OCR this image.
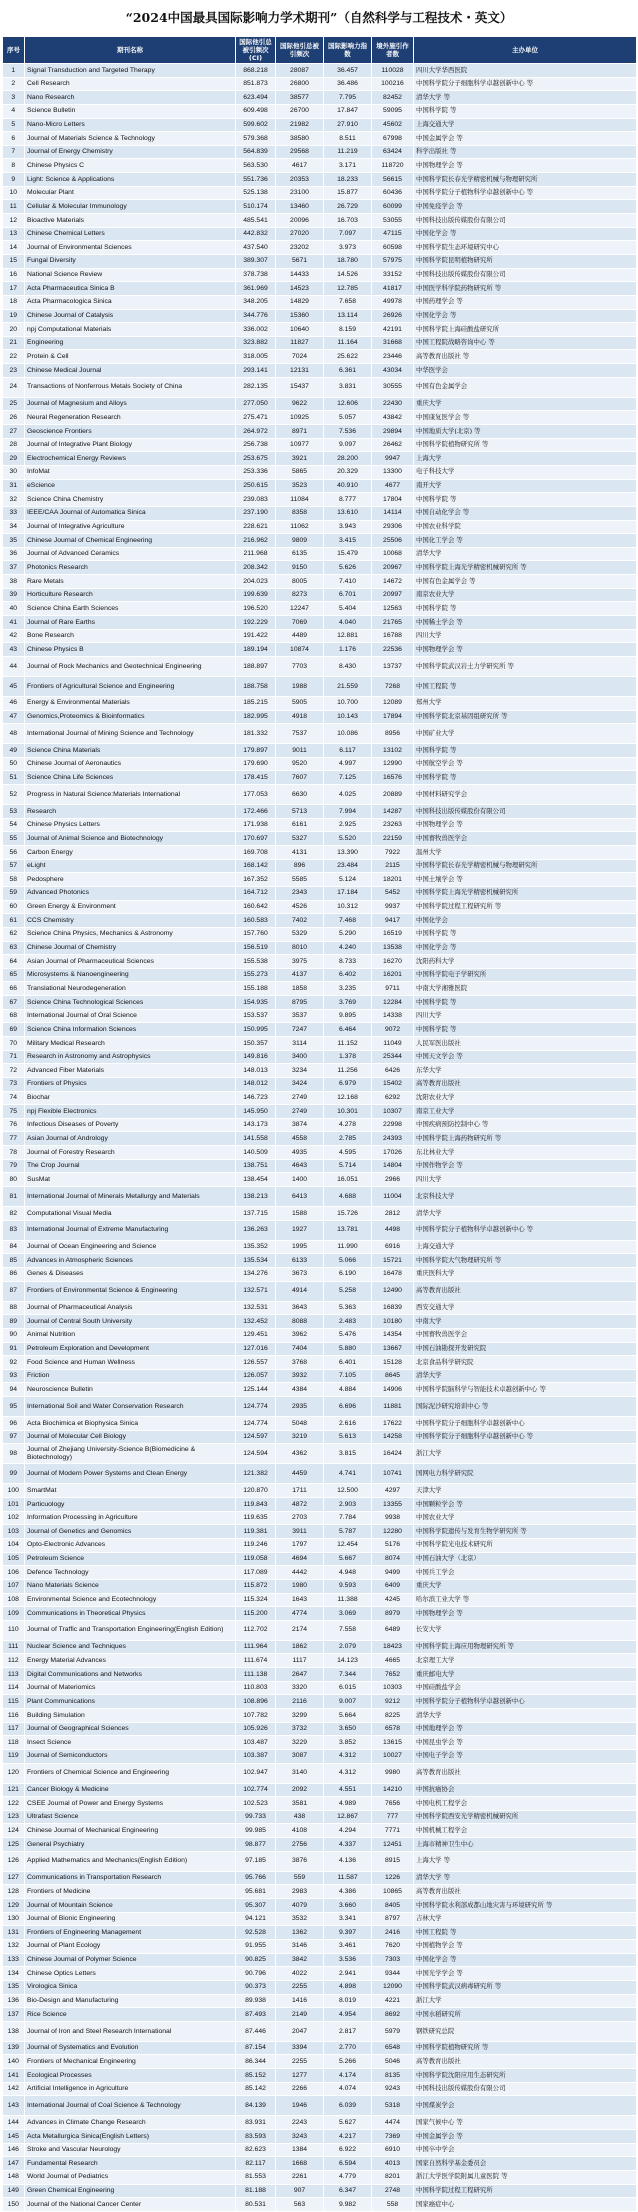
“2024中国最具国际影响力学术期刊”（自然科学与工程技术・英文）
序号	期刊名称	国际他引总被引频次(CI)	国际他引总被引频次	国际影响力指数	境外施引作者数	主办单位
1	Signal Transduction and Targeted Therapy	868.218	28087	36.457	110028	四川大学华西医院
2	Cell Research	851.873	26800	36.486	100216	中国科学院分子细胞科学卓越创新中心 等
3	Nano Research	623.494	38577	7.795	82452	清华大学 等
4	Science Bulletin	609.498	26700	17.847	59095	中国科学院 等
5	Nano-Micro Letters	599.602	21982	27.910	45602	上海交通大学
6	Journal of Materials Science & Technology	579.368	38580	8.511	67998	中国金属学会 等
7	Journal of Energy Chemistry	564.839	29568	11.219	63424	科学出版社 等
8	Chinese Physics C	563.530	4617	3.171	118720	中国物理学会 等
9	Light: Science & Applications	551.736	20353	18.233	56615	中国科学院长春光学精密机械与物理研究所
10	Molecular Plant	525.138	23100	15.877	60436	中国科学院分子植物科学卓越创新中心 等
11	Cellular & Molecular Immunology	510.174	13460	26.729	60099	中国免疫学会 等
12	Bioactive Materials	485.541	20096	16.703	53055	中国科技出版传媒股份有限公司
13	Chinese Chemical Letters	442.832	27020	7.097	47115	中国化学会 等
14	Journal of Environmental Sciences	437.540	23202	3.973	60598	中国科学院生态环境研究中心
15	Fungal Diversity	389.307	5671	18.780	57975	中国科学院昆明植物研究所
16	National Science Review	378.738	14433	14.526	33152	中国科技出版传媒股份有限公司
17	Acta Pharmaceutica Sinica B	361.969	14523	12.785	41817	中国医学科学院药物研究所 等
18	Acta Pharmacologica Sinica	348.205	14829	7.658	49978	中国药理学会 等
19	Chinese Journal of Catalysis	344.776	15360	13.114	26926	中国化学会 等
20	npj Computational Materials	336.002	10640	8.159	42191	中国科学院上海硅酸盐研究所
21	Engineering	323.882	11827	11.164	31668	中国工程院战略咨询中心 等
22	Protein & Cell	318.005	7024	25.622	23446	高等教育出版社 等
23	Chinese Medical Journal	293.141	12131	6.361	43034	中华医学会
24	Transactions of Nonferrous Metals Society of China	282.135	15437	3.831	30555	中国有色金属学会
25	Journal of Magnesium and Alloys	277.050	9622	12.606	22430	重庆大学
26	Neural Regeneration Research	275.471	10925	5.057	43842	中国康复医学会 等
27	Geoscience Frontiers	264.972	8971	7.536	29894	中国地质大学(北京) 等
28	Journal of Integrative Plant Biology	256.738	10977	9.097	26462	中国科学院植物研究所 等
29	Electrochemical Energy Reviews	253.675	3921	28.200	9947	上海大学
30	InfoMat	253.336	5865	20.329	13300	电子科技大学
31	eScience	250.615	3523	40.910	4677	南开大学
32	Science China Chemistry	239.083	11084	8.777	17804	中国科学院 等
33	IEEE/CAA Journal of Automatica Sinica	237.190	8358	13.610	14114	中国自动化学会 等
34	Journal of Integrative Agriculture	228.621	11062	3.943	29306	中国农业科学院
35	Chinese Journal of Chemical Engineering	216.962	9809	3.415	25506	中国化工学会 等
36	Journal of Advanced Ceramics	211.968	6135	15.479	10068	清华大学
37	Photonics Research	208.342	9150	5.626	20967	中国科学院上海光学精密机械研究所 等
38	Rare Metals	204.023	8005	7.410	14672	中国有色金属学会 等
39	Horticulture Research	199.639	8273	6.701	20997	南京农业大学
40	Science China Earth Sciences	196.520	12247	5.404	12563	中国科学院 等
41	Journal of Rare Earths	192.229	7069	4.040	21765	中国稀土学会 等
42	Bone Research	191.422	4489	12.881	16788	四川大学
43	Chinese Physics B	189.194	10874	1.176	22536	中国物理学会 等
44	Journal of Rock Mechanics and Geotechnical Engineering	188.897	7703	8.430	13737	中国科学院武汉岩土力学研究所 等
45	Frontiers of Agricultural Science and Engineering	188.758	1988	21.559	7268	中国工程院 等
46	Energy & Environmental Materials	185.215	5905	10.700	12089	郑州大学
47	Genomics,Proteomics & Bioinformatics	182.995	4918	10.143	17894	中国科学院北京基因组研究所 等
48	International Journal of Mining Science and Technology	181.332	7537	10.086	8956	中国矿业大学
49	Science China Materials	179.897	9011	6.117	13102	中国科学院 等
50	Chinese Journal of Aeronautics	179.690	9520	4.997	12990	中国航空学会 等
51	Science China Life Sciences	178.415	7607	7.125	16576	中国科学院 等
52	Progress in Natural Science:Materials International	177.053	6630	4.025	20889	中国材料研究学会
53	Research	172.466	5713	7.994	14287	中国科技出版传媒股份有限公司
54	Chinese Physics Letters	171.938	6161	2.925	23263	中国物理学会 等
55	Journal of Animal Science and Biotechnology	170.697	5327	5.520	22159	中国畜牧兽医学会
56	Carbon Energy	169.708	4131	13.390	7922	温州大学
57	eLight	168.142	896	23.484	2115	中国科学院长春光学精密机械与物理研究所
58	Pedosphere	167.352	5585	5.124	18201	中国土壤学会 等
59	Advanced Photonics	164.712	2343	17.184	5452	中国科学院上海光学精密机械研究所
60	Green Energy & Environment	160.642	4526	10.312	9937	中国科学院过程工程研究所 等
61	CCS Chemistry	160.583	7402	7.468	9417	中国化学会
62	Science China Physics, Mechanics & Astronomy	157.760	5329	5.290	16519	中国科学院 等
63	Chinese Journal of Chemistry	156.519	8010	4.240	13538	中国化学会 等
64	Asian Journal of Pharmaceutical Sciences	155.538	3975	8.733	16270	沈阳药科大学
65	Microsystems & Nanoengineering	155.273	4137	6.402	16201	中国科学院电子学研究所
66	Translational Neurodegeneration	155.188	1858	3.235	9711	中南大学湘雅医院
67	Science China Technological Sciences	154.935	8795	3.769	12284	中国科学院 等
68	International Journal of Oral Science	153.537	3537	9.895	14338	四川大学
69	Science China Information Sciences	150.995	7247	6.464	9072	中国科学院 等
70	Military Medical Research	150.357	3114	11.152	11049	人民军医出版社
71	Research in Astronomy and Astrophysics	149.816	3400	1.378	25344	中国天文学会 等
72	Advanced Fiber Materials	148.013	3234	11.256	6426	东华大学
73	Frontiers of Physics	148.012	3424	6.979	15402	高等教育出版社
74	Biochar	146.723	2749	12.168	6292	沈阳农业大学
75	npj Flexible Electronics	145.950	2749	10.301	10307	南京工业大学
76	Infectious Diseases of Poverty	143.173	3874	4.278	22998	中国疾病预防控制中心 等
77	Asian Journal of Andrology	141.558	4558	2.785	24393	中国科学院上海药物研究所 等
78	Journal of Forestry Research	140.509	4935	4.595	17026	东北林业大学
79	The Crop Journal	138.751	4643	5.714	14804	中国作物学会 等
80	SusMat	138.454	1400	16.051	2966	四川大学
81	International Journal of Minerals Metallurgy and Materials	138.213	6413	4.688	11004	北京科技大学
82	Computational Visual Media	137.715	1588	15.726	2812	清华大学
83	International Journal of Extreme Manufacturing	136.263	1927	13.781	4498	中国科学院分子植物科学卓越创新中心 等
84	Journal of Ocean Engineering and Science	135.352	1995	11.990	6916	上海交通大学
85	Advances in Atmospheric Sciences	135.534	6133	5.066	15721	中国科学院大气物理研究所 等
86	Genes & Diseases	134.276	3673	6.190	16478	重庆医科大学
87	Frontiers of Environmental Science & Engineering	132.571	4914	5.258	12490	高等教育出版社
88	Journal of Pharmaceutical Analysis	132.531	3643	5.363	16839	西安交通大学
89	Journal of Central South University	132.452	8088	2.483	10180	中南大学
90	Animal Nutrition	129.451	3962	5.476	14354	中国畜牧兽医学会
91	Petroleum Exploration and Development	127.016	7404	5.880	13667	中国石油勘探开发研究院
92	Food Science and Human Wellness	126.557	3768	6.401	15128	北京食品科学研究院
93	Friction	126.057	3932	7.105	8645	清华大学
94	Neuroscience Bulletin	125.144	4384	4.884	14906	中国科学院脑科学与智能技术卓越创新中心 等
95	International Soil and Water Conservation Research	124.774	2935	6.696	11881	国际泥沙研究培训中心 等
96	Acta Biochimica et Biophysica Sinica	124.774	5048	2.616	17622	中国科学院分子细胞科学卓越创新中心
97	Journal of Molecular Cell Biology	124.597	3219	5.613	14258	中国科学院分子细胞科学卓越创新中心 等
98	Journal of Zhejiang University-Science B(Biomedicine & Biotechnology)	124.594	4362	3.815	16424	浙江大学
99	Journal of Modern Power Systems and Clean Energy	121.382	4459	4.741	10741	国网电力科学研究院
100	SmartMat	120.870	1711	12.500	4297	天津大学
101	Particuology	119.843	4872	2.903	13355	中国颗粒学会 等
102	Information Processing in Agriculture	119.635	2703	7.784	9938	中国农业大学
103	Journal of Genetics and Genomics	119.381	3911	5.787	12280	中国科学院遗传与发育生物学研究所 等
104	Opto-Electronic Advances	119.246	1797	12.454	5176	中国科学院光电技术研究所
105	Petroleum Science	119.058	4694	5.667	8074	中国石油大学（北京）
106	Defence Technology	117.089	4442	4.948	9499	中国兵工学会
107	Nano Materials Science	115.872	1980	9.593	6409	重庆大学
108	Environmental Science and Ecotechnology	115.324	1643	11.388	4245	哈尔滨工业大学 等
109	Communications in Theoretical Physics	115.200	4774	3.069	8979	中国物理学会 等
110	Journal of Traffic and Transportation Engineering(English Edition)	112.702	2174	7.558	6489	长安大学
111	Nuclear Science and Techniques	111.964	1862	2.079	18423	中国科学院上海应用物理研究所 等
112	Energy Material Advances	111.674	1117	14.123	4665	北京理工大学
113	Digital Communications and Networks	111.138	2647	7.344	7652	重庆邮电大学
114	Journal of Materiomics	110.803	3320	6.015	10303	中国硅酸盐学会
115	Plant Communications	108.896	2116	9.007	9212	中国科学院分子植物科学卓越创新中心
116	Building Simulation	107.782	3299	5.664	8225	清华大学
117	Journal of Geographical Sciences	105.926	3732	3.650	6578	中国地理学会 等
118	Insect Science	103.487	3229	3.852	13615	中国昆虫学会 等
119	Journal of Semiconductors	103.387	3087	4.312	10027	中国电子学会 等
120	Frontiers of Chemical Science and Engineering	102.947	3140	4.312	9980	高等教育出版社
121	Cancer Biology & Medicine	102.774	2092	4.551	14210	中国抗癌协会
122	CSEE Journal of Power and Energy Systems	102.523	3581	4.989	7656	中国电机工程学会
123	Ultrafast Science	99.733	438	12.867	777	中国科学院西安光学精密机械研究所
124	Chinese Journal of Mechanical Engineering	99.985	4108	4.294	7771	中国机械工程学会
125	General Psychiatry	98.877	2756	4.337	12451	上海市精神卫生中心
126	Applied Mathematics and Mechanics(English Edition)	97.185	3876	4.136	8915	上海大学 等
127	Communications in Transportation Research	95.766	559	11.587	1226	清华大学 等
128	Frontiers of Medicine	95.681	2983	4.386	10865	高等教育出版社
129	Journal of Mountain Science	95.307	4079	3.660	8405	中国科学院水利部成都山地灾害与环境研究所 等
130	Journal of Bionic Engineering	94.121	3532	3.341	8797	吉林大学
131	Frontiers of Engineering Management	92.528	1362	9.397	2416	中国工程院 等
132	Journal of Plant Ecology	91.955	3146	3.461	7620	中国植物学会 等
133	Chinese Journal of Polymer Science	90.825	3842	3.536	7303	中国化学会 等
134	Chinese Optics Letters	90.796	4022	2.941	9344	中国光学学会 等
135	Virologica Sinica	90.373	2255	4.898	12090	中国科学院武汉病毒研究所 等
136	Bio-Design and Manufacturing	89.938	1416	8.019	4221	浙江大学
137	Rice Science	87.493	2149	4.954	8692	中国水稻研究所
138	Journal of Iron and Steel Research International	87.446	2047	2.817	5979	钢铁研究总院
139	Journal of Systematics and Evolution	87.154	3394	2.770	6548	中国科学院植物研究所 等
140	Frontiers of Mechanical Engineering	86.344	2255	5.266	5046	高等教育出版社
141	Ecological Processes	85.152	1277	4.174	8135	中国科学院沈阳应用生态研究所
142	Artificial Intelligence in Agriculture	85.142	2266	4.074	9243	中国科技出版传媒股份有限公司
143	International Journal of Coal Science & Technology	84.139	1946	6.039	5318	中国煤炭学会
144	Advances in Climate Change Research	83.931	2243	5.627	4474	国家气候中心 等
145	Acta Metallurgica Sinica(English Letters)	83.593	3243	4.217	7369	中国金属学会 等
146	Stroke and Vascular Neurology	82.623	1384	6.922	6910	中国卒中学会
147	Fundamental Research	82.117	1668	6.594	4013	国家自然科学基金委员会
148	World Journal of Pediatrics	81.553	2261	4.779	8201	浙江大学医学院附属儿童医院 等
149	Green Chemical Engineering	81.188	907	6.347	2748	中国科学院过程工程研究所
150	Journal of the National Cancer Center	80.531	563	9.982	558	国家癌症中心
